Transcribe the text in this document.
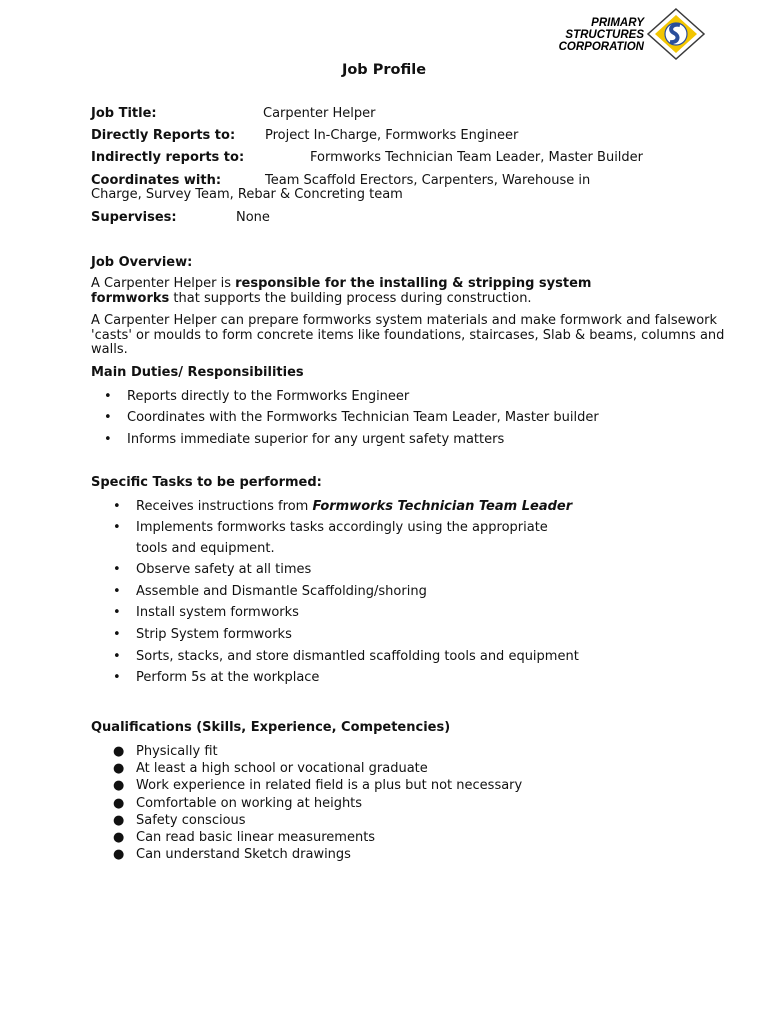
PRIMARY
STRUCTURES
CORPORATION
Job Profile
Job Title:	Carpenter Helper
Directly Reports to: Project In-Charge, Formworks Engineer
Indirectly reports to:	Formworks Technician Team Leader, Master Builder
Coordinates with:	Team Scaffold Erectors, Carpenters, Warehouse in
Charge, Survey Team, Rebar & Concreting team
Supervises:	None
Job Overview:
A Carpenter Helper is responsible for the installing & stripping system
formworks that supports the building process during construction.
A Carpenter Helper can prepare formworks system materials and make formwork and falsework 'casts' or moulds to form concrete items like foundations, staircases, Slab & beams, columns and walls.
Main Duties/ Responsibilities
• Reports directly to the Formworks Engineer
• Coordinates with the Formworks Technician Team Leader, Master builder
• Informs immediate superior for any urgent safety matters
Specific Tasks to be performed:
• Receives instructions from Formworks Technician Team Leader
• Implements formworks tasks accordingly using the appropriate
tools and equipment.
• Observe safety at all times
• Assemble and Dismantle Scaffolding/shoring
• Install system formworks
• Strip System formworks
• Sorts, stacks, and store dismantled scaffolding tools and equipment
• Perform 5s at the workplace
Qualifications (Skills, Experience, Competencies)
● Physically fit
● At least a high school or vocational graduate
● Work experience in related field is a plus but not necessary
● Comfortable on working at heights
● Safety conscious
● Can read basic linear measurements
● Can understand Sketch drawings
